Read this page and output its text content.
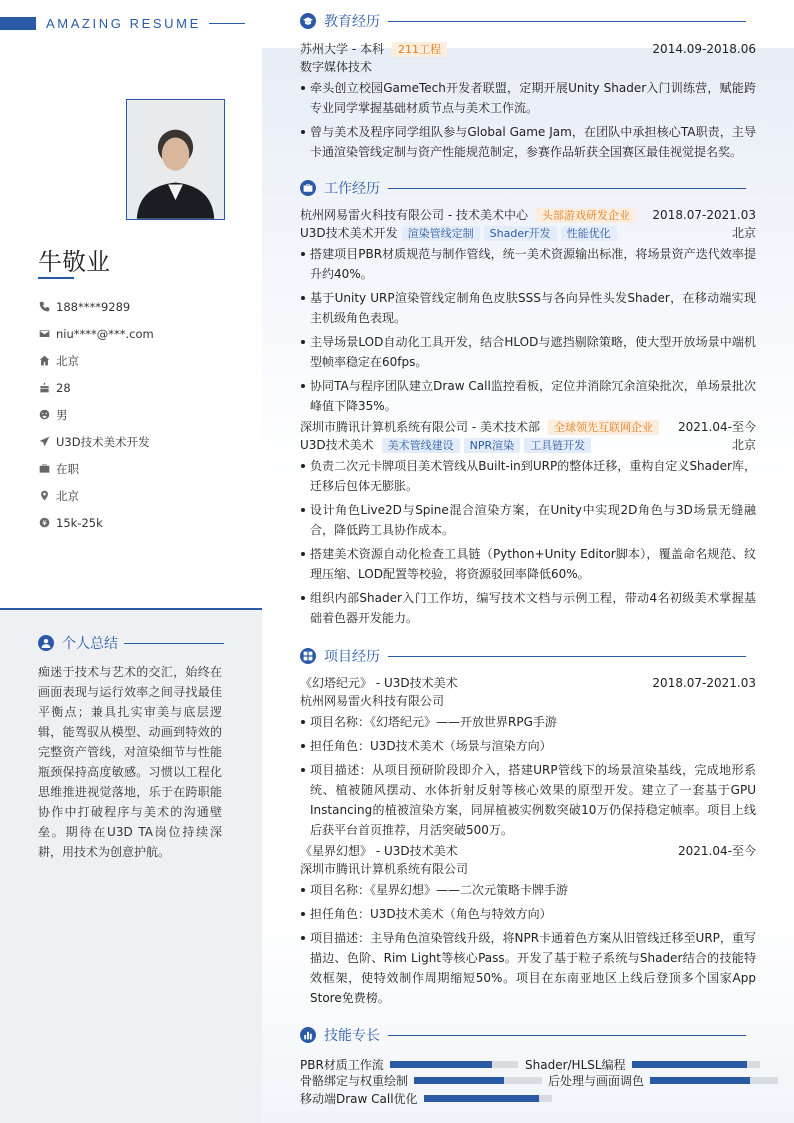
AMAZING RESUME
牛敬业
188****9289
niu****@***.com
北京
28
男
U3D技术美术开发
在职
北京
15k-25k
个人总结
痴迷于技术与艺术的交汇，始终在画面表现与运行效率之间寻找最佳平衡点；兼具扎实审美与底层逻辑，能驾驭从模型、动画到特效的完整资产管线，对渲染细节与性能瓶颈保持高度敏感。习惯以工程化思维推进视觉落地，乐于在跨职能协作中打破程序与美术的沟通壁垒。期待在U3D TA岗位持续深耕，用技术为创意护航。
教育经历
苏州大学 - 本科	211工程	2014.09-2018.06
数字媒体技术
牵头创立校园GameTech开发者联盟，定期开展Unity Shader入门训练营，赋能跨专业同学掌握基础材质节点与美术工作流。
曾与美术及程序同学组队参与Global Game Jam，在团队中承担核心TA职责，主导卡通渲染管线定制与资产性能规范制定，参赛作品斩获全国赛区最佳视觉提名奖。
工作经历
杭州网易雷火科技有限公司 - 技术美术中心	头部游戏研发企业	2018.07-2021.03
U3D技术美术开发 渲染管线定制	Shader开发	性能优化	北京
搭建项目PBR材质规范与制作管线，统一美术资源输出标准，将场景资产迭代效率提升约40%。
基于Unity URP渲染管线定制角色皮肤SSS与各向异性头发Shader，在移动端实现主机级角色表现。
主导场景LOD自动化工具开发，结合HLOD与遮挡剔除策略，使大型开放场景中端机型帧率稳定在60fps。
协同TA与程序团队建立Draw Call监控看板，定位并消除冗余渲染批次，单场景批次峰值下降35%。
深圳市腾讯计算机系统有限公司 - 美术技术部	全球领先互联网企业	2021.04-至今
U3D技术美术	美术管线建设	NPR渲染	工具链开发	北京
负责二次元卡牌项目美术管线从Built-in到URP的整体迁移，重构自定义Shader库，迁移后包体无膨胀。
设计角色Live2D与Spine混合渲染方案，在Unity中实现2D角色与3D场景无缝融合，降低跨工具协作成本。
搭建美术资源自动化检查工具链（Python+Unity Editor脚本），覆盖命名规范、纹理压缩、LOD配置等校验，将资源驳回率降低60%。
组织内部Shader入门工作坊，编写技术文档与示例工程，带动4名初级美术掌握基础着色器开发能力。
项目经历
《幻塔纪元》 - U3D技术美术	2018.07-2021.03
杭州网易雷火科技有限公司
项目名称：《幻塔纪元》——开放世界RPG手游
担任角色：U3D技术美术（场景与渲染方向）
项目描述：从项目预研阶段即介入，搭建URP管线下的场景渲染基线，完成地形系统、植被随风摆动、水体折射反射等核心效果的原型开发。建立了一套基于GPU Instancing的植被渲染方案，同屏植被实例数突破10万仍保持稳定帧率。项目上线后获平台首页推荐，月活突破500万。
《星界幻想》 - U3D技术美术	2021.04-至今
深圳市腾讯计算机系统有限公司
项目名称：《星界幻想》——二次元策略卡牌手游
担任角色：U3D技术美术（角色与特效方向）
项目描述：主导角色渲染管线升级，将NPR卡通着色方案从旧管线迁移至URP，重写描边、色阶、Rim Light等核心Pass。开发了基于粒子系统与Shader结合的技能特效框架，使特效制作周期缩短50%。项目在东南亚地区上线后登顶多个国家App Store免费榜。
技能专长
PBR材质工作流	Shader/HLSL编程
骨骼绑定与权重绘制	后处理与画面调色
移动端Draw Call优化
